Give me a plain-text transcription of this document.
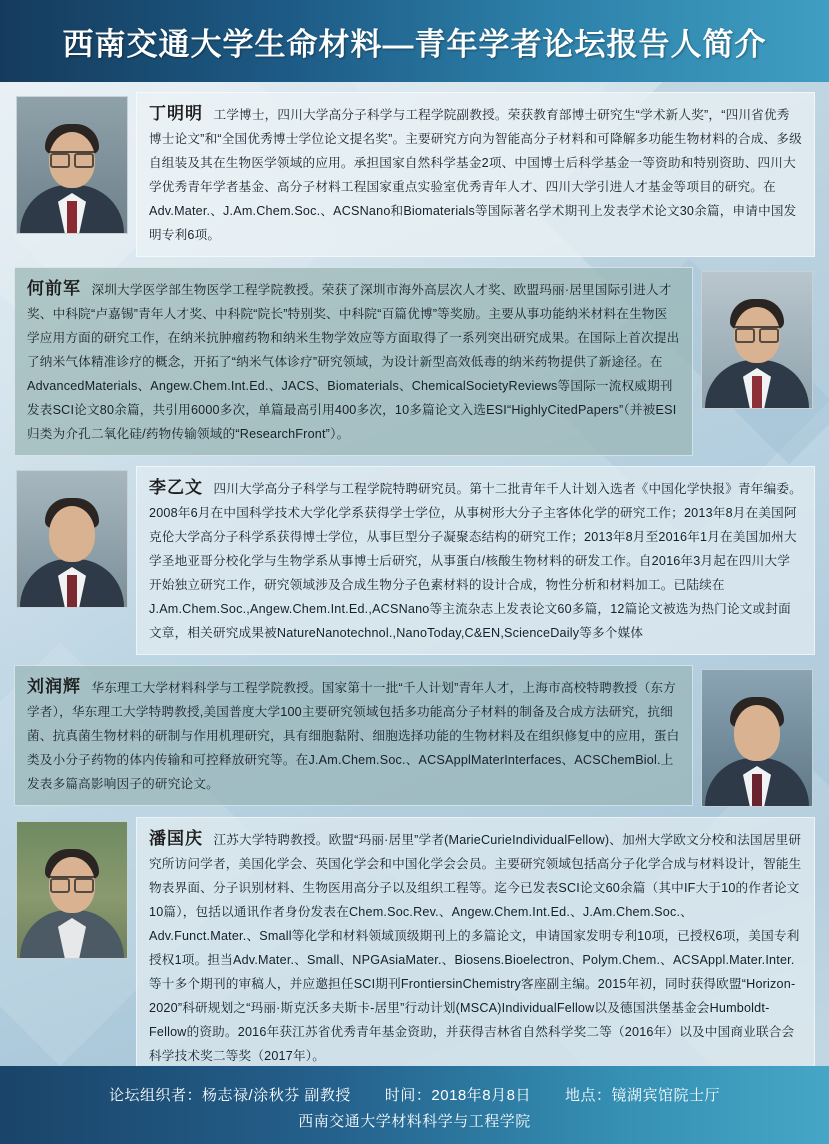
西南交通大学生命材料—青年学者论坛报告人简介
丁明明 工学博士，四川大学高分子科学与工程学院副教授。荣获教育部博士研究生“学术新人奖”，“四川省优秀博士论文”和“全国优秀博士学位论文提名奖”。主要研究方向为智能高分子材料和可降解多功能生物材料的合成、多级自组装及其在生物医学领域的应用。承担国家自然科学基金2项、中国博士后科学基金一等资助和特别资助、四川大学优秀青年学者基金、高分子材料工程国家重点实验室优秀青年人才、四川大学引进人才基金等项目的研究。在Adv.Mater.、J.Am.Chem.Soc.、ACSNano和Biomaterials等国际著名学术期刊上发表学术论文30余篇，申请中国发明专利6项。
何前军 深圳大学医学部生物医学工程学院教授。荣获了深圳市海外高层次人才奖、欧盟玛丽·居里国际引进人才奖、中科院“卢嘉锡”青年人才奖、中科院“院长”特别奖、中科院“百篇优博”等奖励。主要从事功能纳米材料在生物医学应用方面的研究工作，在纳米抗肿瘤药物和纳米生物学效应等方面取得了一系列突出研究成果。在国际上首次提出了纳米气体精准诊疗的概念，开拓了“纳米气体诊疗”研究领域，为设计新型高效低毒的纳米药物提供了新途径。在AdvancedMaterials、Angew.Chem.Int.Ed.、JACS、Biomaterials、ChemicalSocietyReviews等国际一流权威期刊发表SCI论文80余篇，共引用6000多次，单篇最高引用400多次，10多篇论文入选ESI“HighlyCitedPapers”（并被ESI归类为介孔二氧化硅/药物传输领域的“ResearchFront”）。
李乙文 四川大学高分子科学与工程学院特聘研究员。第十二批青年千人计划入选者《中国化学快报》青年编委。2008年6月在中国科学技术大学化学系获得学士学位，从事树形大分子主客体化学的研究工作；2013年8月在美国阿克伦大学高分子科学系获得博士学位，从事巨型分子凝聚态结构的研究工作；2013年8月至2016年1月在美国加州大学圣地亚哥分校化学与生物学系从事博士后研究，从事蛋白/核酸生物材料的研发工作。自2016年3月起在四川大学开始独立研究工作，研究领域涉及合成生物分子色素材料的设计合成，物性分析和材料加工。已陆续在J.Am.Chem.Soc.,Angew.Chem.Int.Ed.,ACSNano等主流杂志上发表论文60多篇，12篇论文被选为热门论文或封面文章，相关研究成果被NatureNanotechnol.,NanoToday,C&EN,ScienceDaily等多个媒体
刘润辉 华东理工大学材料科学与工程学院教授。国家第十一批“千人计划”青年人才，上海市高校特聘教授（东方学者），华东理工大学特聘教授,美国普度大学100主要研究领域包括多功能高分子材料的制备及合成方法研究，抗细菌、抗真菌生物材料的研制与作用机理研究，具有细胞黏附、细胞选择功能的生物材料及在组织修复中的应用，蛋白类及小分子药物的体内传输和可控释放研究等。在J.Am.Chem.Soc.、ACSApplMaterInterfaces、ACSChemBiol.上发表多篇高影响因子的研究论文。
潘国庆 江苏大学特聘教授。欧盟“玛丽·居里”学者(MarieCurieIndividualFellow)、加州大学欧文分校和法国居里研究所访问学者，美国化学会、英国化学会和中国化学会会员。主要研究领域包括高分子化学合成与材料设计，智能生物表界面、分子识别材料、生物医用高分子以及组织工程等。迄今已发表SCI论文60余篇（其中IF大于10的作者论文10篇），包括以通讯作者身份发表在Chem.Soc.Rev.、Angew.Chem.Int.Ed.、J.Am.Chem.Soc.、Adv.Funct.Mater.、Small等化学和材料领域顶级期刊上的多篇论文，申请国家发明专利10项，已授权6项，美国专利授权1项。担当Adv.Mater.、Small、NPGAsiaMater.、Biosens.Bioelectron、Polym.Chem.、ACSAppl.Mater.Inter.等十多个期刊的审稿人，并应邀担任SCI期刊FrontiersinChemistry客座副主编。2015年初，同时获得欧盟“Horizon-2020”科研规划之“玛丽·斯克沃多夫斯卡-居里”行动计划(MSCA)IndividualFellow以及德国洪堡基金会Humboldt-Fellow的资助。2016年获江苏省优秀青年基金资助，并获得吉林省自然科学奖二等（2016年）以及中国商业联合会科学技术奖二等奖（2017年）。
论坛组织者：杨志禄/涂秋芬 副教授 时间：2018年8月8日 地点：镜湖宾馆院士厅
西南交通大学材料科学与工程学院
